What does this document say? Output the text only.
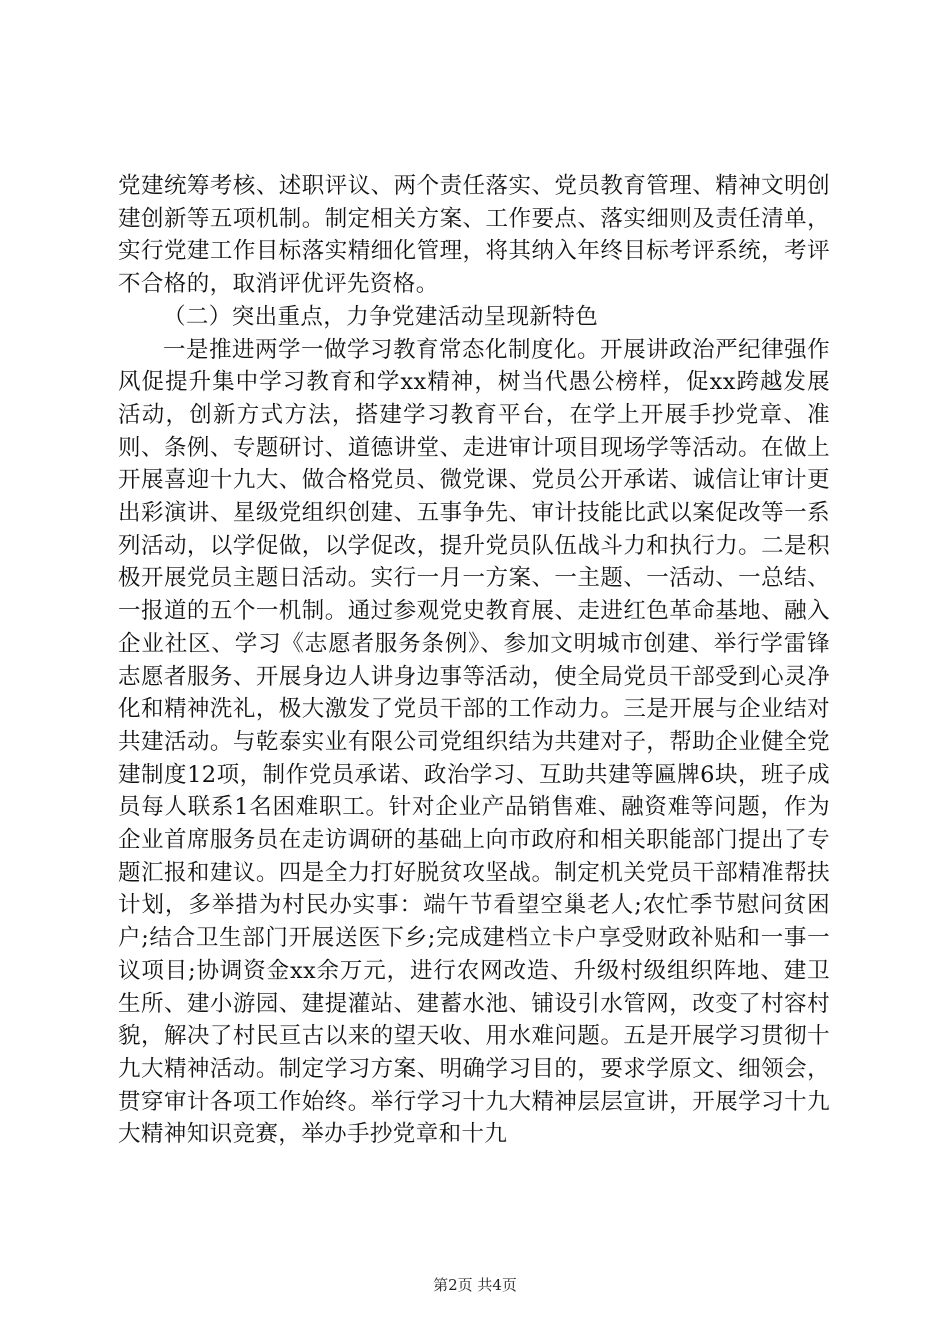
党建统筹考核、述职评议、两个责任落实、党员教育管理、精神文明创建创新等五项机制。制定相关方案、工作要点、落实细则及责任清单，实行党建工作目标落实精细化管理，将其纳入年终目标考评系统，考评不合格的，取消评优评先资格。

（二）突出重点，力争党建活动呈现新特色

一是推进两学一做学习教育常态化制度化。开展讲政治严纪律强作风促提升集中学习教育和学xx精神，树当代愚公榜样，促xx跨越发展活动，创新方式方法，搭建学习教育平台，在学上开展手抄党章、准则、条例、专题研讨、道德讲堂、走进审计项目现场学等活动。在做上开展喜迎十九大、做合格党员、微党课、党员公开承诺、诚信让审计更出彩演讲、星级党组织创建、五事争先、审计技能比武以案促改等一系列活动，以学促做，以学促改，提升党员队伍战斗力和执行力。二是积极开展党员主题日活动。实行一月一方案、一主题、一活动、一总结、一报道的五个一机制。通过参观党史教育展、走进红色革命基地、融入企业社区、学习《志愿者服务条例》、参加文明城市创建、举行学雷锋志愿者服务、开展身边人讲身边事等活动，使全局党员干部受到心灵净化和精神洗礼，极大激发了党员干部的工作动力。三是开展与企业结对共建活动。与乾泰实业有限公司党组织结为共建对子，帮助企业健全党建制度12项，制作党员承诺、政治学习、互助共建等匾牌6块，班子成员每人联系1名困难职工。针对企业产品销售难、融资难等问题，作为企业首席服务员在走访调研的基础上向市政府和相关职能部门提出了专题汇报和建议。四是全力打好脱贫攻坚战。制定机关党员干部精准帮扶计划，多举措为村民办实事：端午节看望空巢老人;农忙季节慰问贫困户;结合卫生部门开展送医下乡;完成建档立卡户享受财政补贴和一事一议项目;协调资金xx余万元，进行农网改造、升级村级组织阵地、建卫生所、建小游园、建提灌站、建蓄水池、铺设引水管网，改变了村容村貌，解决了村民亘古以来的望天收、用水难问题。五是开展学习贯彻十九大精神活动。制定学习方案、明确学习目的，要求学原文、细领会，贯穿审计各项工作始终。举行学习十九大精神层层宣讲，开展学习十九大精神知识竞赛，举办手抄党章和十九

第2页 共4页
